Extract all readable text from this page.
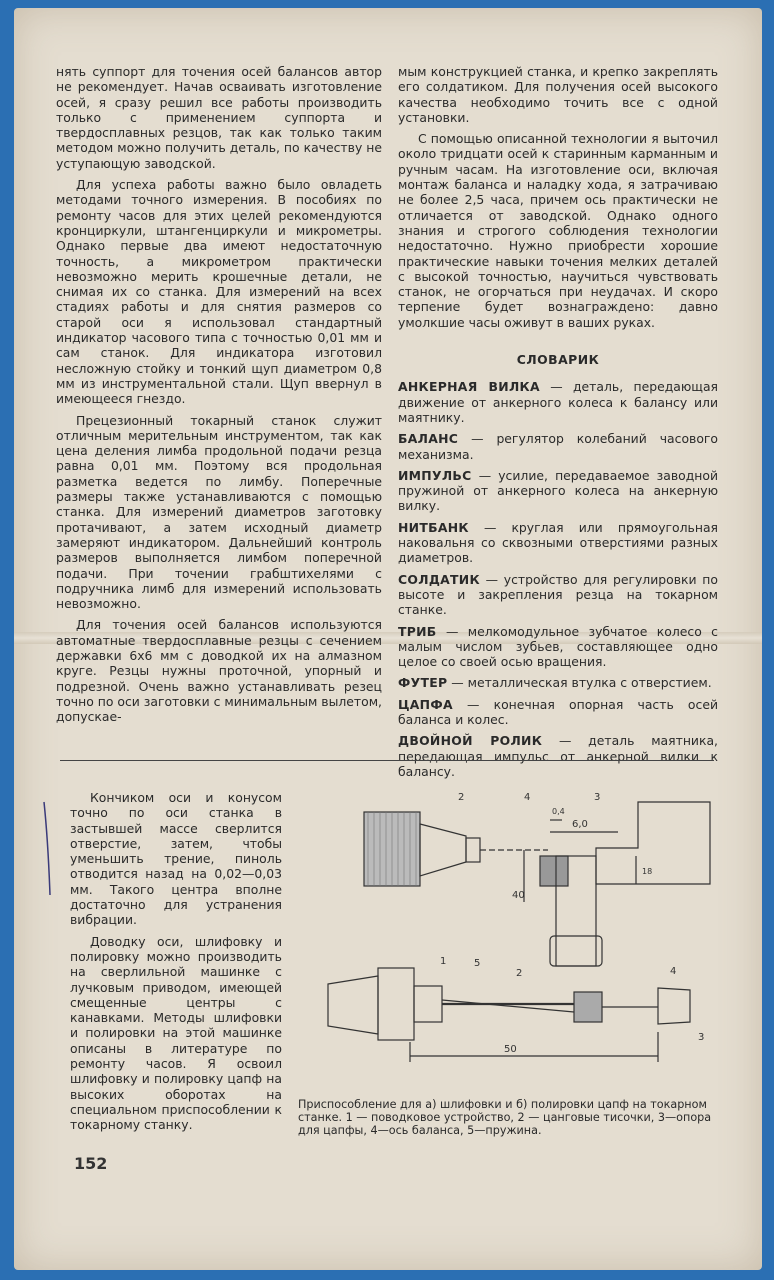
нять суппорт для точения осей балансов автор не рекомендует. Начав осваивать изготовление осей, я сразу решил все работы производить только с применением суппорта и твердосплавных резцов, так как только таким методом можно получить деталь, по качеству не уступающую заводской.

Для успеха работы важно было овладеть методами точного измерения. В пособиях по ремонту часов для этих целей рекомендуются кронциркули, штангенциркули и микрометры. Однако первые два имеют недостаточную точность, а микрометром практически невозможно мерить крошечные детали, не снимая их со станка. Для измерений на всех стадиях работы и для снятия размеров со старой оси я использовал стандартный индикатор часового типа с точностью 0,01 мм и сам станок. Для индикатора изготовил несложную стойку и тонкий щуп диаметром 0,8 мм из инструментальной стали. Щуп ввернул в имеющееся гнездо.

Прецезионный токарный станок служит отличным мерительным инструментом, так как цена деления лимба продольной подачи резца равна 0,01 мм. Поэтому вся продольная разметка ведется по лимбу. Поперечные размеры также устанавливаются с помощью станка. Для измерений диаметров заготовку протачивают, а затем исходный диаметр замеряют индикатором. Дальнейший контроль размеров выполняется лимбом поперечной подачи. При точении грабштихелями с подручника лимб для измерений использовать невозможно.

Для точения осей балансов используются автоматные твердосплавные резцы с сечением державки 6х6 мм с доводкой их на алмазном круге. Резцы нужны проточной, упорный и подрезной. Очень важно устанавливать резец точно по оси заготовки с минимальным вылетом, допускае-

мым конструкцией станка, и крепко закреплять его солдатиком. Для получения осей высокого качества необходимо точить все с одной установки.

С помощью описанной технологии я выточил около тридцати осей к старинным карманным и ручным часам. На изготовление оси, включая монтаж баланса и наладку хода, я затрачиваю не более 2,5 часа, причем ось практически не отличается от заводской. Однако одного знания и строгого соблюдения технологии недостаточно. Нужно приобрести хорошие практические навыки точения мелких деталей с высокой точностью, научиться чувствовать станок, не огорчаться при неудачах. И скоро терпение будет вознаграждено: давно умолкшие часы оживут в ваших руках.

СЛОВАРИК

АНКЕРНАЯ ВИЛКА — деталь, передающая движение от анкерного колеса к балансу или маятнику.

БАЛАНС — регулятор колебаний часового механизма.

ИМПУЛЬС — усилие, передаваемое заводной пружиной от анкерного колеса на анкерную вилку.

НИТБАНК — круглая или прямоугольная наковальня со сквозными отверстиями разных диаметров.

СОЛДАТИК — устройство для регулировки по высоте и закрепления резца на токарном станке.

ТРИБ — мелкомодульное зубчатое колесо с малым числом зубьев, составляющее одно целое со своей осью вращения.

ФУТЕР — металлическая втулка с отверстием.

ЦАПФА — конечная опорная часть осей баланса и колес.

ДВОЙНОЙ РОЛИК — деталь маятника, передающая импульс от анкерной вилки к балансу.

Кончиком оси и конусом точно по оси станка в застывшей массе сверлится отверстие, затем, чтобы уменьшить трение, пиноль отводится назад на 0,02—0,03 мм. Такого центра вполне достаточно для устранения вибрации.

Доводку оси, шлифовку и полировку можно производить на сверлильной машинке с лучковым приводом, имеющей смещенные центры с канавками. Методы шлифовки и полировки на этой машинке описаны в литературе по ремонту часов. Я освоил шлифовку и полировку цапф на высоких оборотах на специальном приспособлении к токарному станку.

2	4	3
0,4
6,0
18
40
1	5
2	4
3
50
Приспособление для а) шлифовки и б) полировки цапф на токарном станке. 1 — поводковое устройство, 2 — цанговые тисочки, 3—опора для цапфы, 4—ось баланса, 5—пружина.
152
